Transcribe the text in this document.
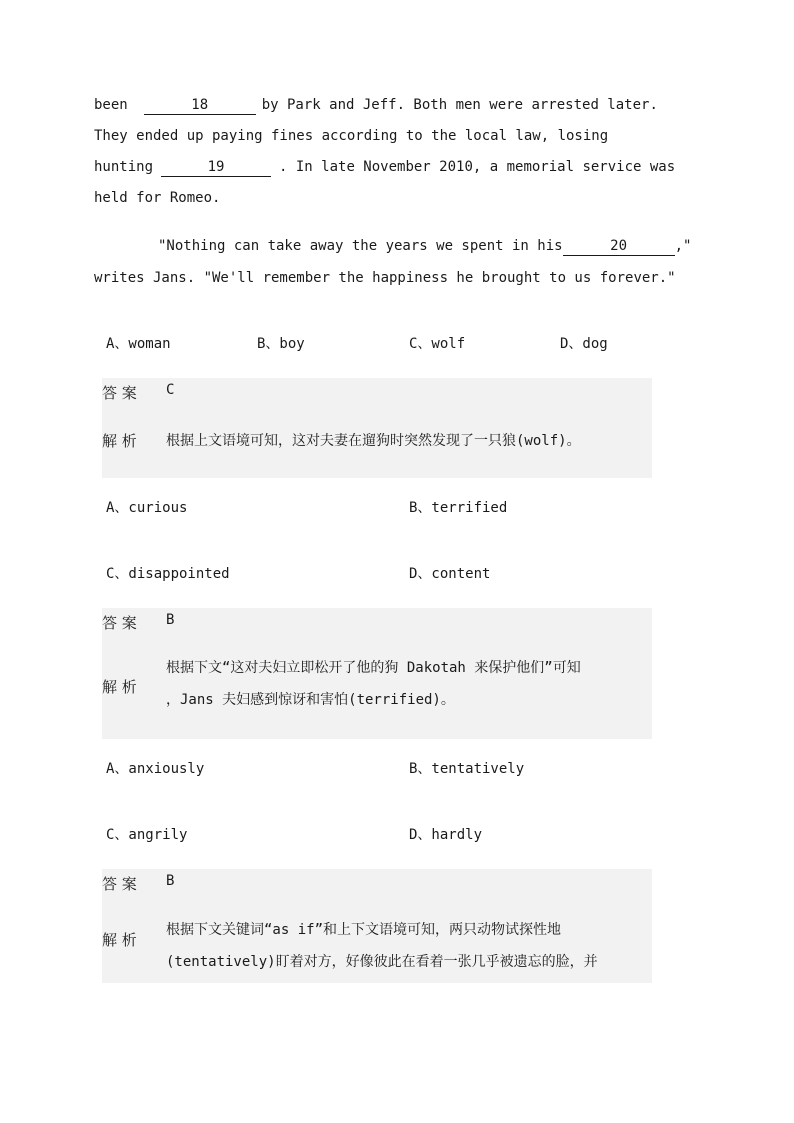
been	18	by Park and Jeff. Both men were arrested later. They ended up paying fines according to the local law, losing
hunting	19	. In late November 2010, a memorial service was held for Romeo.
"Nothing can take away the years we spent in his	20	," writes Jans. "We'll remember the happiness he brought to us forever."
A、woman	B、boy	C、wolf	D、dog
答 案	C
解 析	根据上文语境可知，这对夫妻在遛狗时突然发现了一只狼(wolf)。
A、curious	B、terrified
C、disappointed	D、content
答 案	B
解 析
根据下文“这对夫妇立即松开了他的狗 Dakotah 来保护他们”可知
，Jans 夫妇感到惊讶和害怕(terrified)。
A、anxiously	B、tentatively
C、angrily	D、hardly
答 案	B
解 析
根据下文关键词“as if”和上下文语境可知，两只动物试探性地
(tentatively)盯着对方，好像彼此在看着一张几乎被遗忘的脸，并
